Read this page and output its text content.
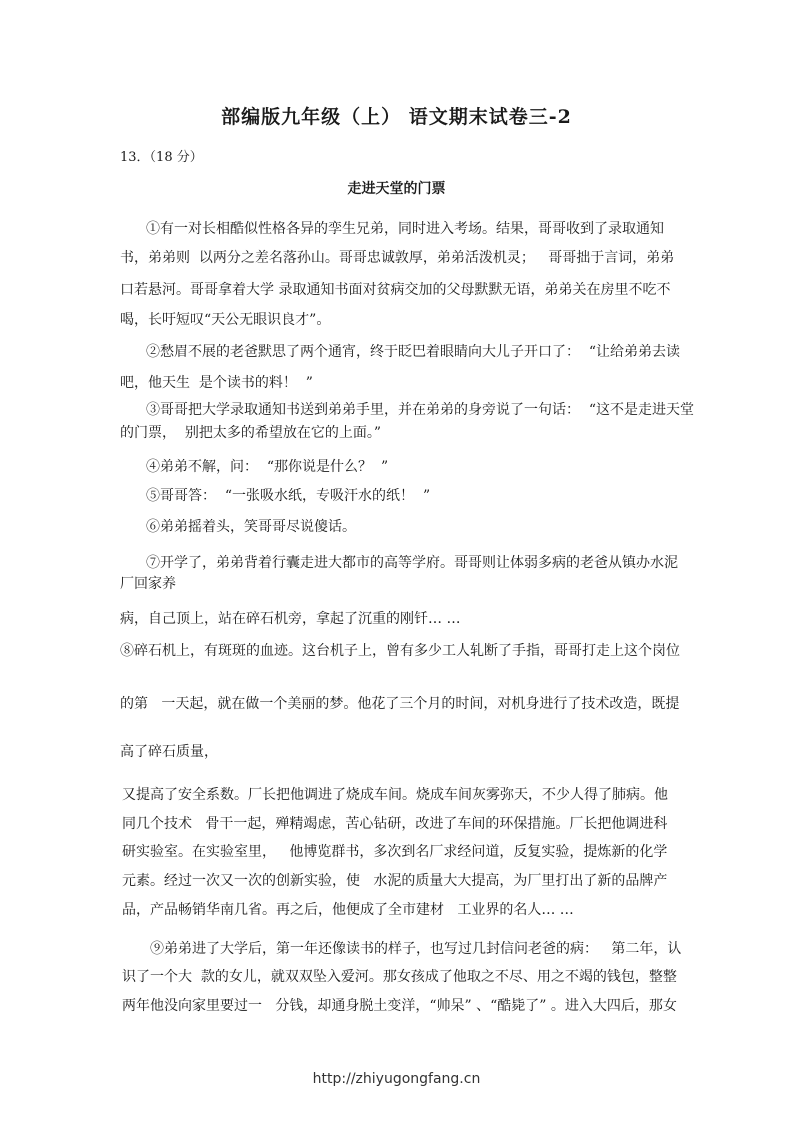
部编版九年级（上） 语文期末试卷三-2
13．（18 分）
走进天堂的门票
①有一对长相酷似性格各异的孪生兄弟，同时进入考场。结果，哥哥收到了录取通知
书，弟弟则  以两分之差名落孙山。哥哥忠诚敦厚，弟弟活泼机灵；   哥哥拙于言词，弟弟
口若悬河。哥哥拿着大学 录取通知书面对贫病交加的父母默默无语，弟弟关在房里不吃不
喝，长吁短叹“天公无眼识良才”。
②愁眉不展的老爸默思了两个通宵，终于眨巴着眼睛向大儿子开口了：  “让给弟弟去读
吧，他天生  是个读书的料！  ”
③哥哥把大学录取通知书送到弟弟手里，并在弟弟的身旁说了一句话：  “这不是走进天堂
的门票，  别把太多的希望放在它的上面。”
④弟弟不解，问：  “那你说是什么？  ”
⑤哥哥答：  “一张吸水纸，专吸汗水的纸！  ”
⑥弟弟摇着头，笑哥哥尽说傻话。
⑦开学了，弟弟背着行囊走进大都市的高等学府。哥哥则让体弱多病的老爸从镇办水泥
厂回家养
病，自己顶上，站在碎石机旁，拿起了沉重的刚钎… …
⑧碎石机上，有斑斑的血迹。这台机子上，曾有多少工人轧断了手指，哥哥打走上这个岗位
的第   一天起，就在做一个美丽的梦。他花了三个月的时间，对机身进行了技术改造，既提
高了碎石质量，
又提高了安全系数。厂长把他调进了烧成车间。烧成车间灰雾弥天，不少人得了肺病。他
同几个技术   骨干一起，殚精竭虑，苦心钻研，改进了车间的环保措施。厂长把他调进科
研实验室。在实验室里，   他博览群书，多次到名厂求经问道，反复实验，提炼新的化学
元素。经过一次又一次的创新实验，使   水泥的质量大大提高，为厂里打出了新的品牌产
品，产品畅销华南几省。再之后，他便成了全市建材   工业界的名人… …
⑨弟弟进了大学后，第一年还像读书的样子，也写过几封信问老爸的病：   第二年，认
识了一个大  款的女儿，就双双坠入爱河。那女孩成了他取之不尽、用之不竭的钱包，整整
两年他没向家里要过一   分钱，却通身脱土变洋，“帅呆” 、“酷毙了” 。进入大四后，那女
http://zhiyugongfang.cn
